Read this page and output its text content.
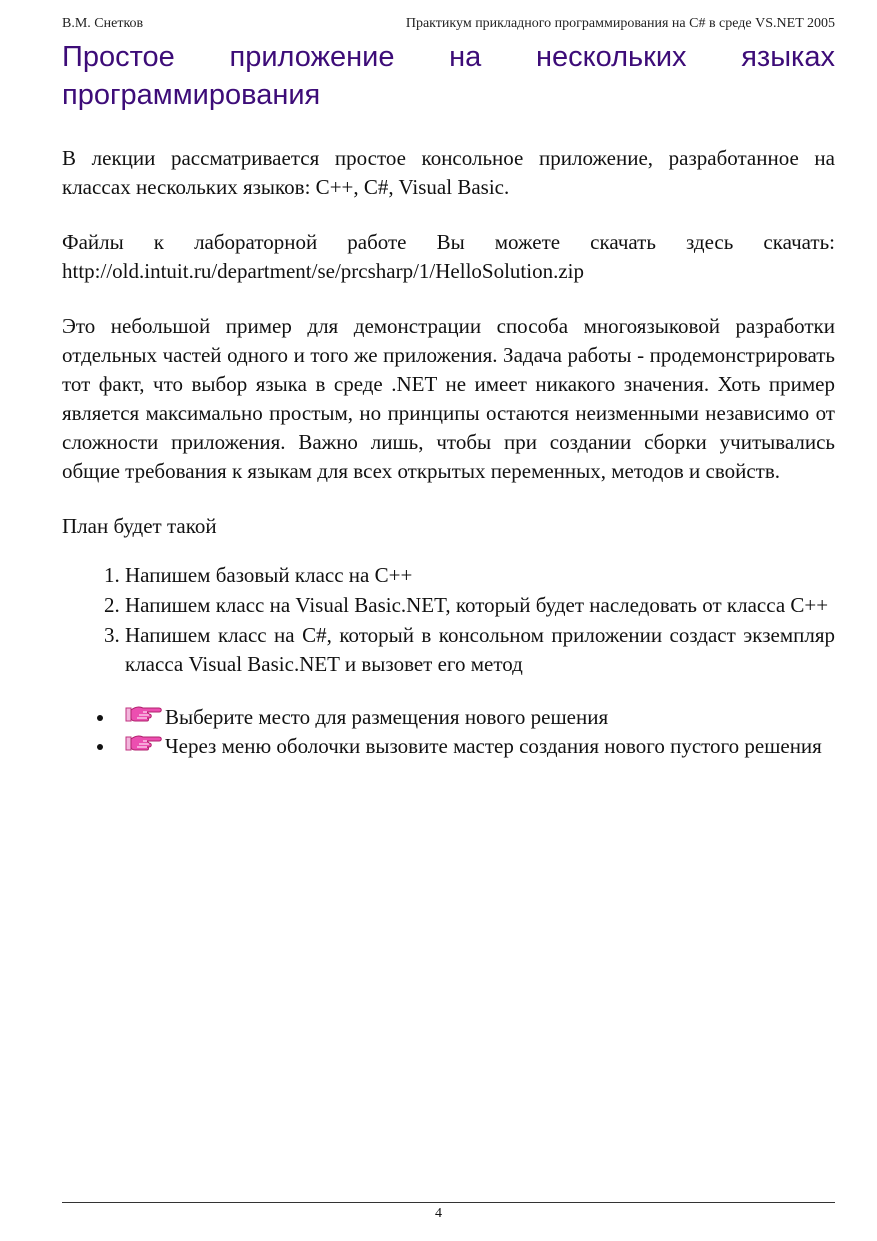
В.М. Снетков	Практикум прикладного программирования на C# в среде VS.NET 2005
Простое приложение на нескольких языках программирования

В лекции рассматривается простое консольное приложение, разработанное на классах нескольких языков: C++, C#, Visual Basic.

Файлы к лабораторной работе Вы можете скачать здесь скачать: http://old.intuit.ru/department/se/prcsharp/1/HelloSolution.zip

Это небольшой пример для демонстрации способа многоязыковой разработки отдельных частей одного и того же приложения. Задача работы - продемонстрировать тот факт, что выбор языка в среде .NET не имеет никакого значения. Хоть пример является максимально простым, но принципы остаются неизменными независимо от сложности приложения. Важно лишь, чтобы при создании сборки учитывались общие требования к языкам для всех открытых переменных, методов и свойств.

План будет такой

1. Напишем базовый класс на C++
2. Напишем класс на Visual Basic.NET, который будет наследовать от класса C++
3. Напишем класс на C#, который в консольном приложении создаст экземпляр класса Visual Basic.NET и вызовет его метод
Выберите место для размещения нового решения
Через меню оболочки вызовите мастер создания нового пустого решения
4
